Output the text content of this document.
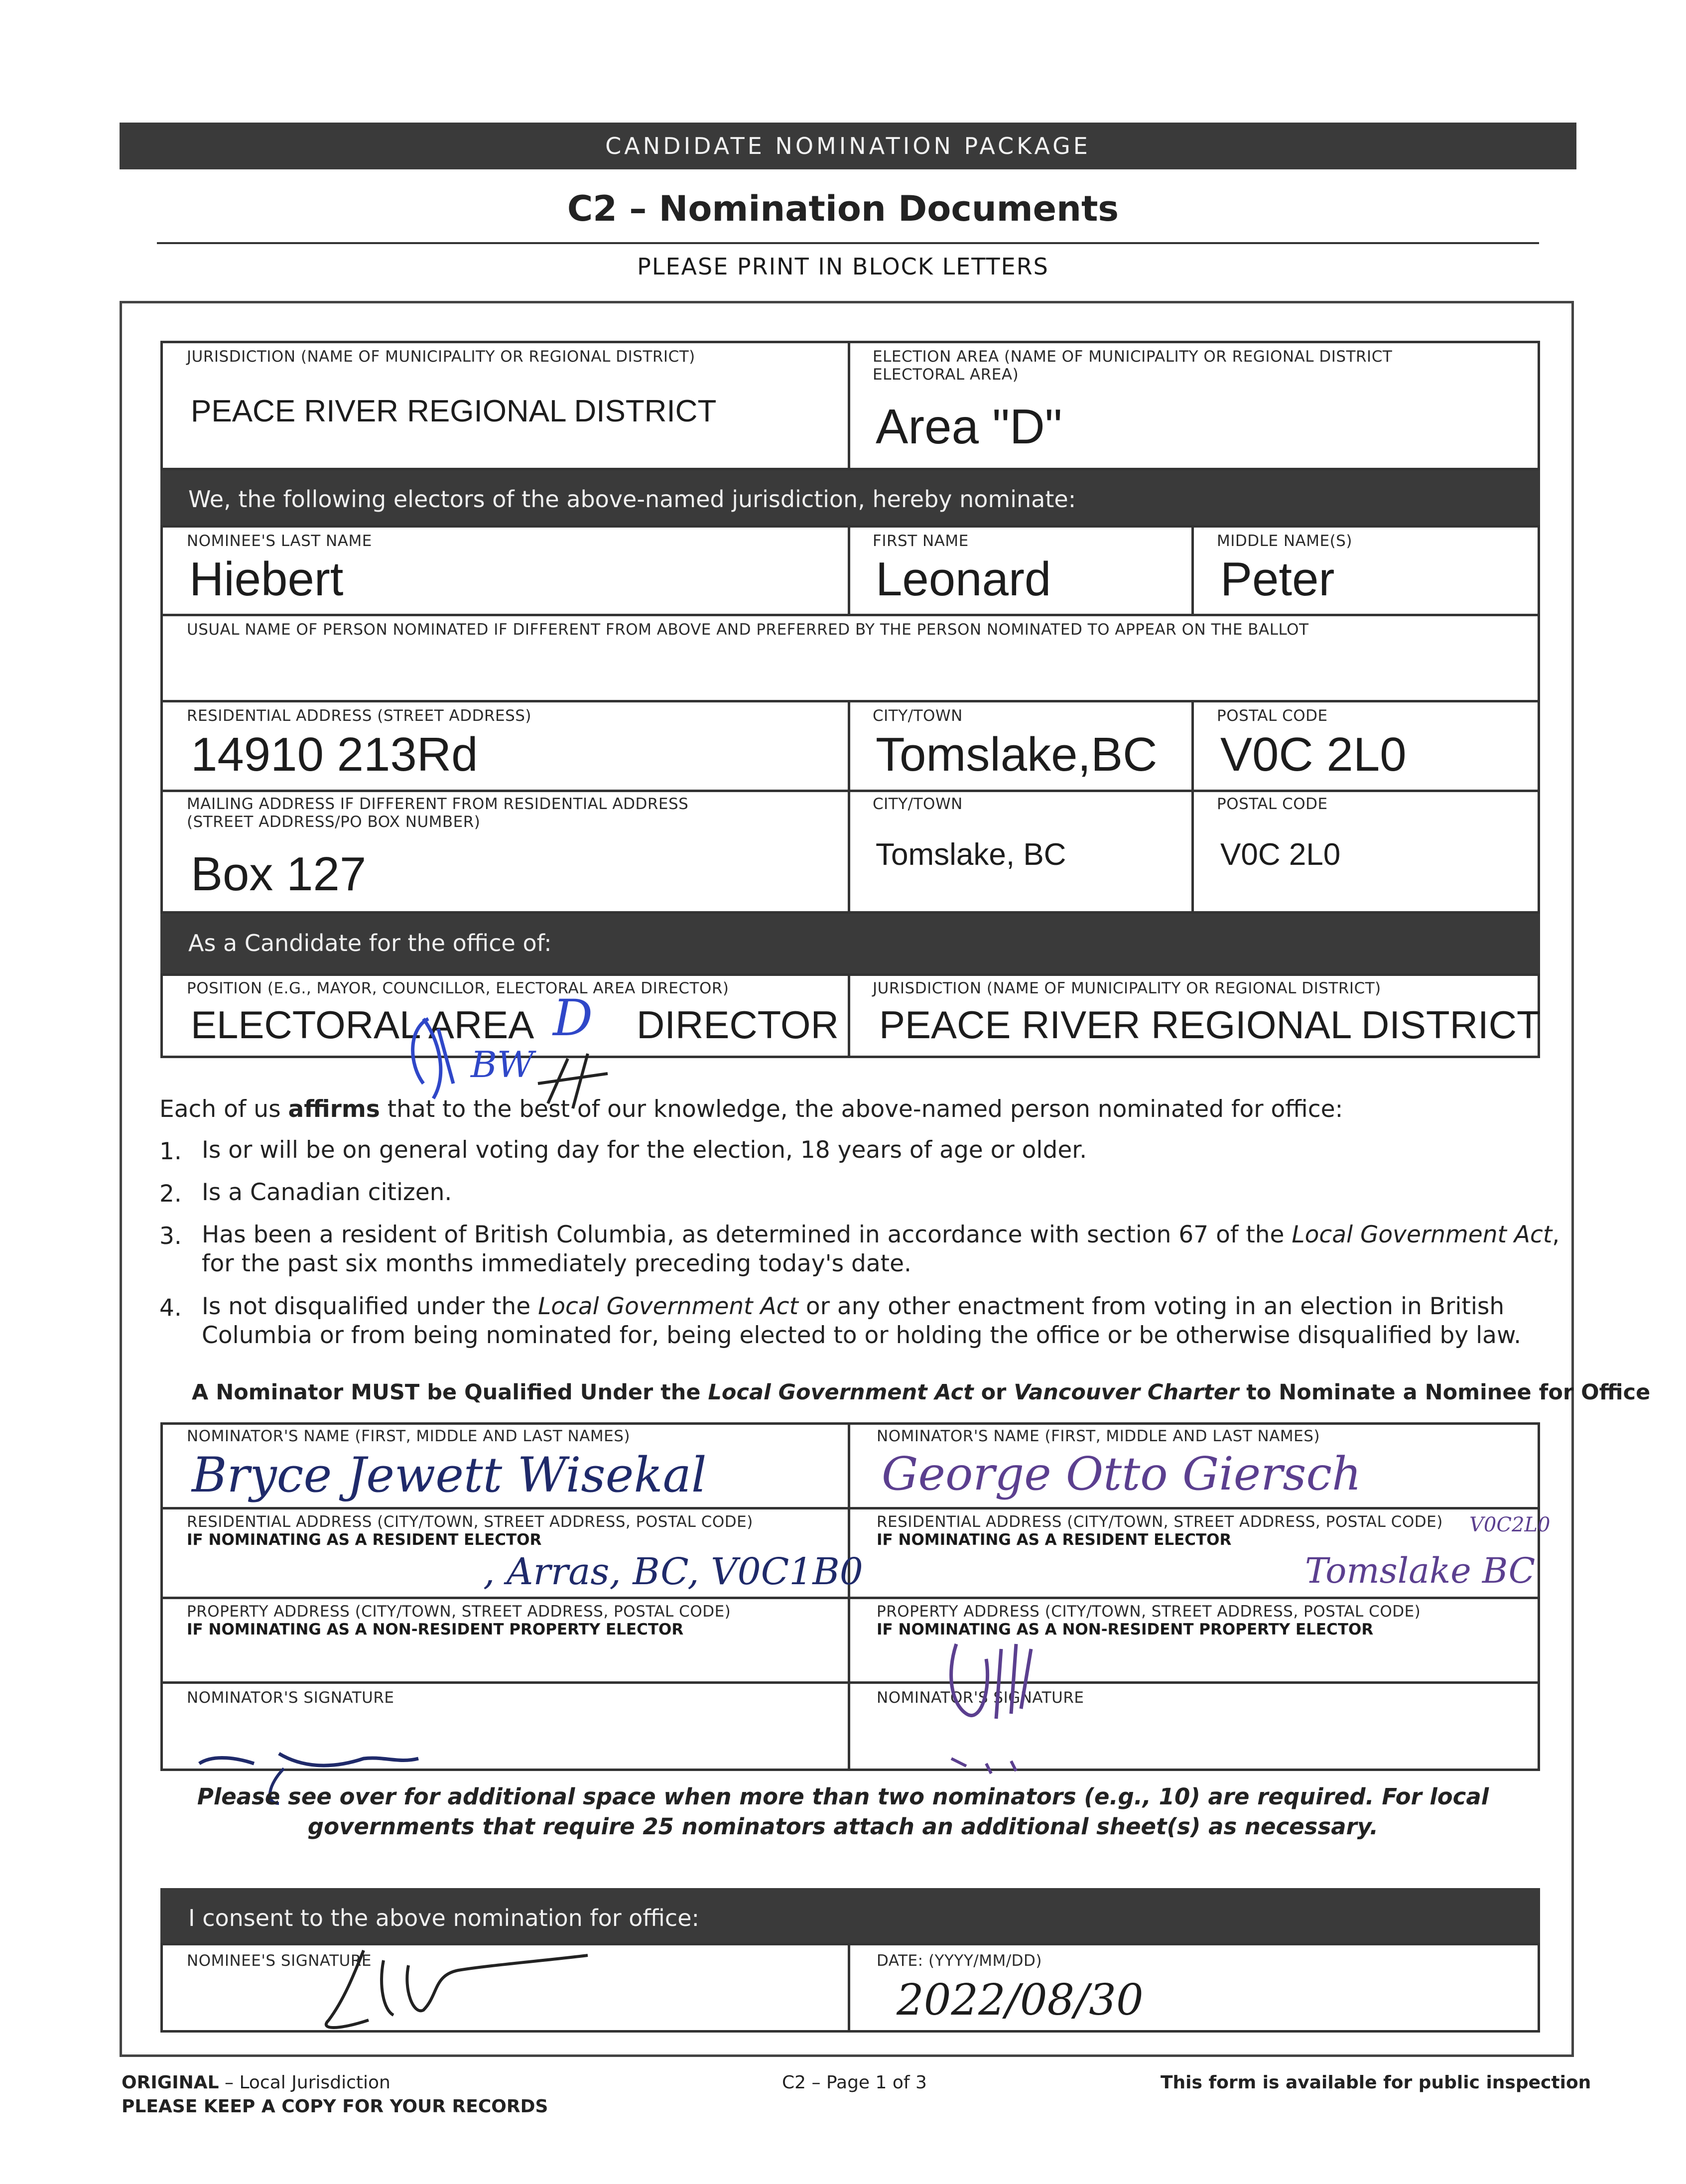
CANDIDATE NOMINATION PACKAGE
C2 – Nomination Documents
PLEASE PRINT IN BLOCK LETTERS
JURISDICTION (NAME OF MUNICIPALITY OR REGIONAL DISTRICT)
PEACE RIVER REGIONAL DISTRICT
ELECTION AREA (NAME OF MUNICIPALITY OR REGIONAL DISTRICT
ELECTORAL AREA)
Area "D"
We, the following electors of the above-named jurisdiction, hereby nominate:
NOMINEE'S LAST NAME
Hiebert
FIRST NAME
Leonard
MIDDLE NAME(S)
Peter
USUAL NAME OF PERSON NOMINATED IF DIFFERENT FROM ABOVE AND PREFERRED BY THE PERSON NOMINATED TO APPEAR ON THE BALLOT
RESIDENTIAL ADDRESS (STREET ADDRESS)
14910 213Rd
CITY/TOWN
Tomslake,BC
POSTAL CODE
V0C 2L0
MAILING ADDRESS IF DIFFERENT FROM RESIDENTIAL ADDRESS
(STREET ADDRESS/PO BOX NUMBER)
Box 127
CITY/TOWN
Tomslake, BC
POSTAL CODE
V0C 2L0
As a Candidate for the office of:
POSITION (E.G., MAYOR, COUNCILLOR, ELECTORAL AREA DIRECTOR)
ELECTORAL AREA D DIRECTOR
JURISDICTION (NAME OF MUNICIPALITY OR REGIONAL DISTRICT)
PEACE RIVER REGIONAL DISTRICT
BW
Each of us affirms that to the best of our knowledge, the above-named person nominated for office:
1. Is or will be on general voting day for the election, 18 years of age or older.
2. Is a Canadian citizen.
3. Has been a resident of British Columbia, as determined in accordance with section 67 of the Local Government Act,
for the past six months immediately preceding today's date.
4. Is not disqualified under the Local Government Act or any other enactment from voting in an election in British
Columbia or from being nominated for, being elected to or holding the office or be otherwise disqualified by law.
A Nominator MUST be Qualified Under the Local Government Act or Vancouver Charter to Nominate a Nominee for Office
NOMINATOR'S NAME (FIRST, MIDDLE AND LAST NAMES)
Bryce Jewett Wisekal
RESIDENTIAL ADDRESS (CITY/TOWN, STREET ADDRESS, POSTAL CODE)
IF NOMINATING AS A RESIDENT ELECTOR
, Arras, BC, V0C1B0
PROPERTY ADDRESS (CITY/TOWN, STREET ADDRESS, POSTAL CODE)
IF NOMINATING AS A NON-RESIDENT PROPERTY ELECTOR
NOMINATOR'S SIGNATURE
NOMINATOR'S NAME (FIRST, MIDDLE AND LAST NAMES)
George Otto Giersch
RESIDENTIAL ADDRESS (CITY/TOWN, STREET ADDRESS, POSTAL CODE)
IF NOMINATING AS A RESIDENT ELECTOR
V0C2L0
Tomslake BC
PROPERTY ADDRESS (CITY/TOWN, STREET ADDRESS, POSTAL CODE)
IF NOMINATING AS A NON-RESIDENT PROPERTY ELECTOR
NOMINATOR'S SIGNATURE
Please see over for additional space when more than two nominators (e.g., 10) are required. For local
governments that require 25 nominators attach an additional sheet(s) as necessary.
I consent to the above nomination for office:
NOMINEE'S SIGNATURE	DATE: (YYYY/MM/DD)
2022/08/30
ORIGINAL – Local Jurisdiction
PLEASE KEEP A COPY FOR YOUR RECORDS
C2 – Page 1 of 3	This form is available for public inspection
